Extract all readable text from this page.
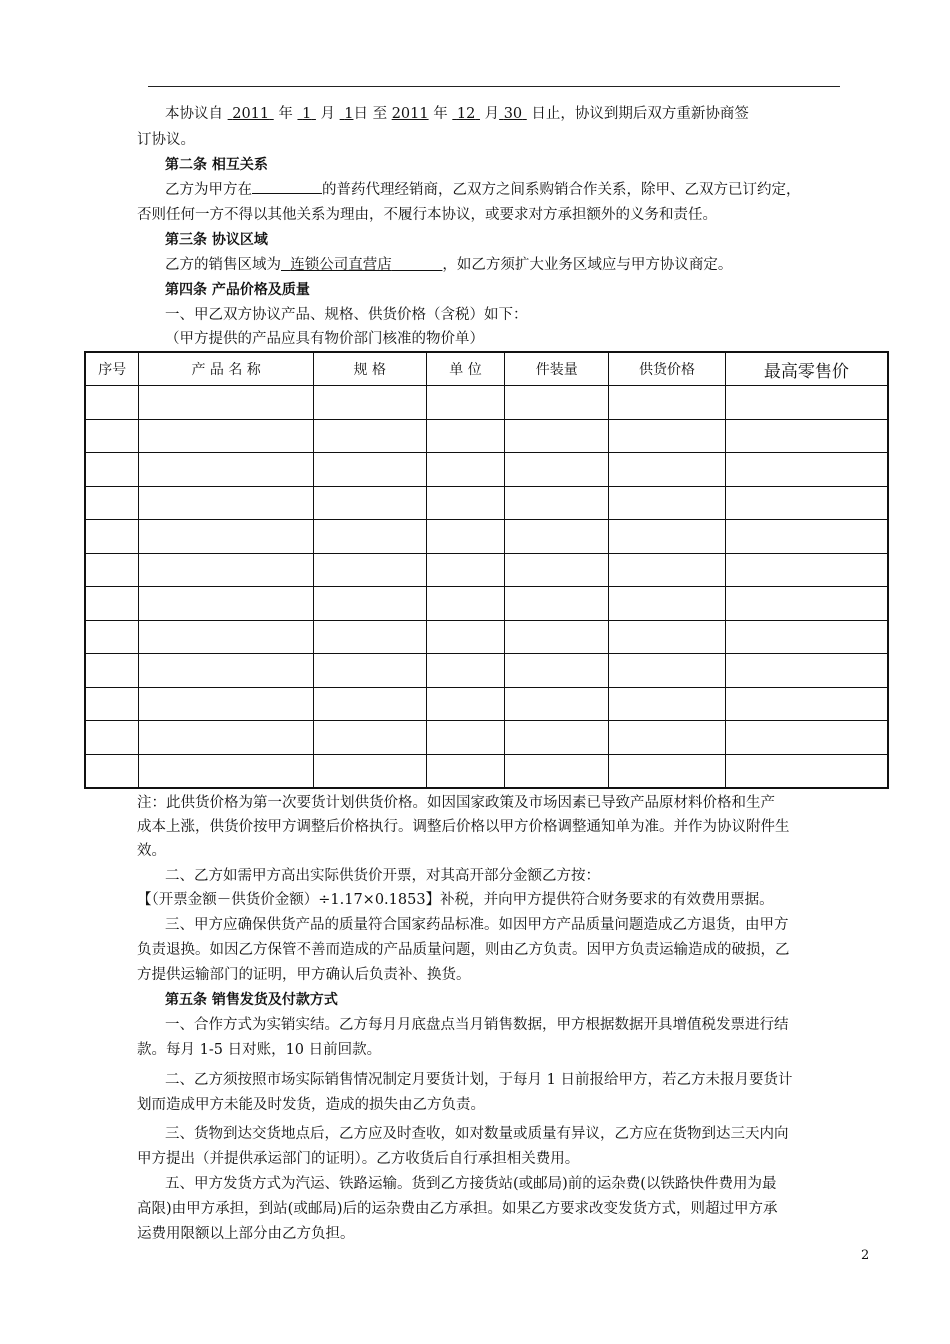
本协议自 2011 年 1 月 1日 至 2011 年 12 月 30 日止，协议到期后双方重新协商签
订协议。
第二条 相互关系
乙方为甲方在	的普药代理经销商，乙双方之间系购销合作关系，除甲、乙双方已订约定，
否则任何一方不得以其他关系为理由，不履行本协议，或要求对方承担额外的义务和责任。
第三条 协议区域
乙方的销售区域为 连锁公司直营店	，如乙方须扩大业务区域应与甲方协议商定。
第四条 产品价格及质量
一、甲乙双方协议产品、规格、供货价格（含税）如下：
（甲方提供的产品应具有物价部门核准的物价单）
序号	产 品 名 称	规 格	单 位	件装量	供货价格	最高零售价

注：此供货价格为第一次要货计划供货价格。如因国家政策及市场因素已导致产品原材料价格和生产
成本上涨，供货价按甲方调整后价格执行。调整后价格以甲方价格调整通知单为准。并作为协议附件生
效。
二、乙方如需甲方高出实际供货价开票，对其高开部分金额乙方按：
【（开票金额－供货价金额）÷1.17×0.1853】补税，并向甲方提供符合财务要求的有效费用票据。
三、甲方应确保供货产品的质量符合国家药品标准。如因甲方产品质量问题造成乙方退货，由甲方
负责退换。如因乙方保管不善而造成的产品质量问题，则由乙方负责。因甲方负责运输造成的破损，乙
方提供运输部门的证明，甲方确认后负责补、换货。
第五条 销售发货及付款方式
一、合作方式为实销实结。乙方每月月底盘点当月销售数据，甲方根据数据开具增值税发票进行结
款。每月 1-5 日对账，10 日前回款。
二、乙方须按照市场实际销售情况制定月要货计划，于每月 1 日前报给甲方，若乙方未报月要货计
划而造成甲方未能及时发货，造成的损失由乙方负责。
三、货物到达交货地点后，乙方应及时查收，如对数量或质量有异议，乙方应在货物到达三天内向
甲方提出（并提供承运部门的证明）。乙方收货后自行承担相关费用。
五、甲方发货方式为汽运、铁路运输。货到乙方接货站(或邮局)前的运杂费(以铁路快件费用为最
高限)由甲方承担，到站(或邮局)后的运杂费由乙方承担。如果乙方要求改变发货方式，则超过甲方承
运费用限额以上部分由乙方负担。
2
